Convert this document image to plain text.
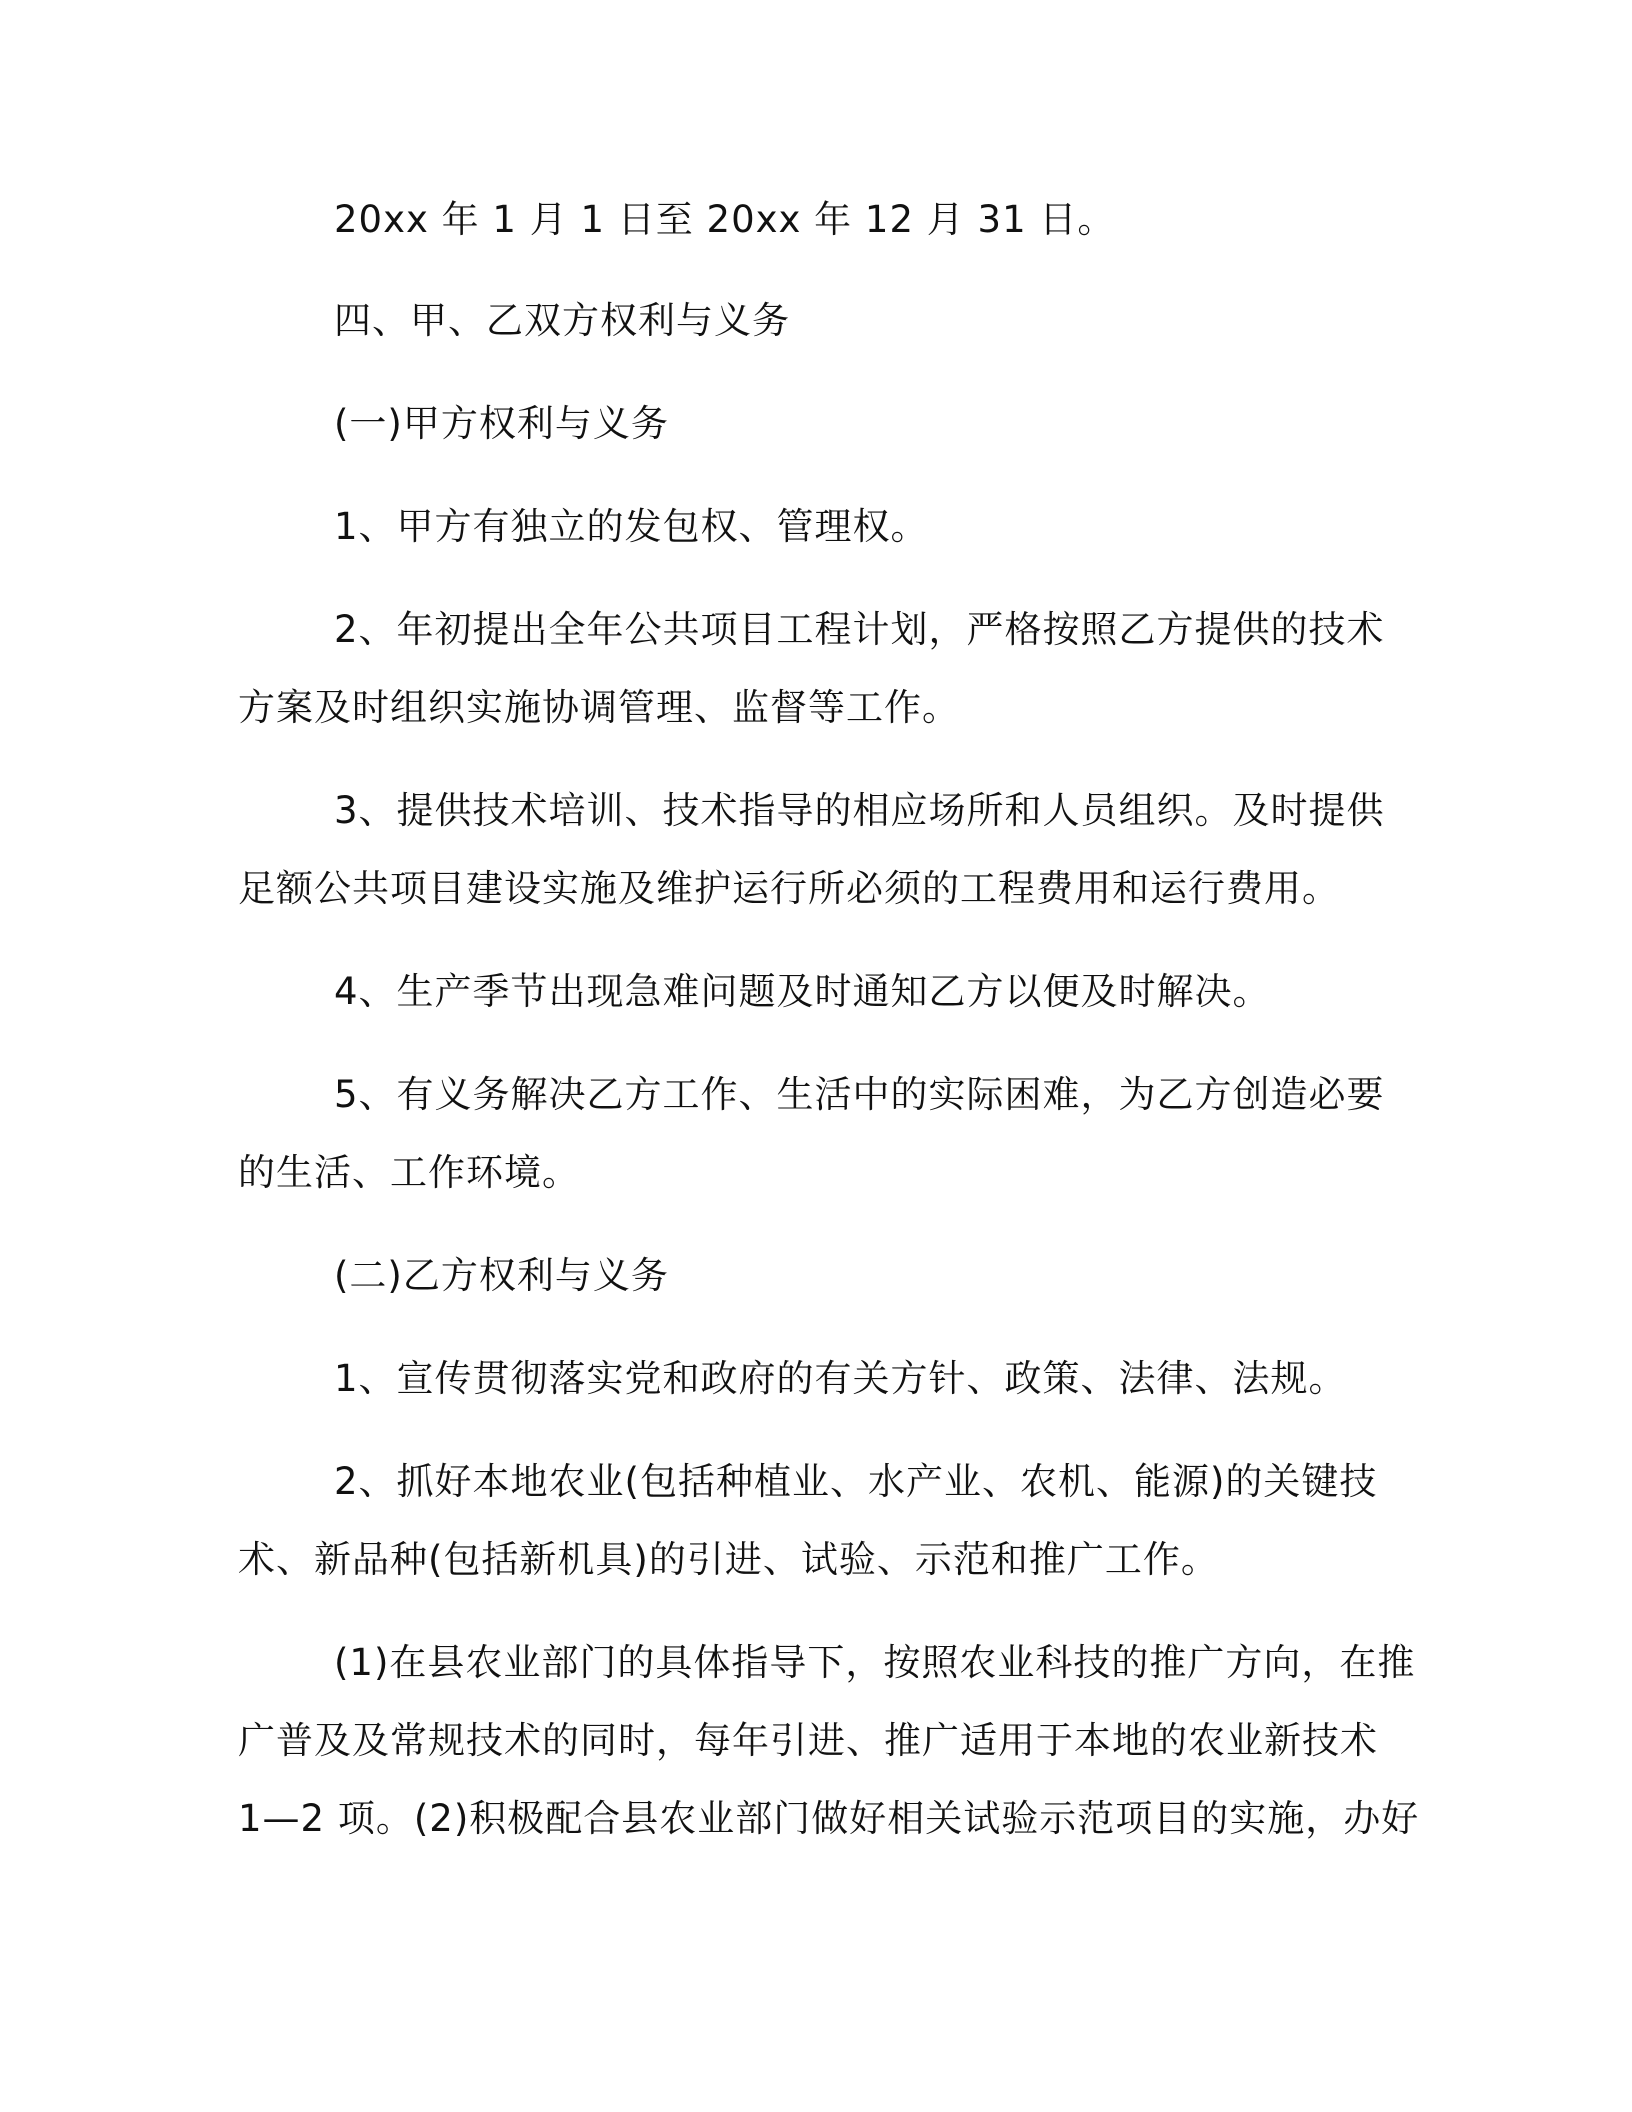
20xx 年 1 月 1 日至 20xx 年 12 月 31 日。
四、甲、乙双方权利与义务
(一)甲方权利与义务
1、甲方有独立的发包权、管理权。
2、年初提出全年公共项目工程计划，严格按照乙方提供的技术
方案及时组织实施协调管理、监督等工作。
3、提供技术培训、技术指导的相应场所和人员组织。及时提供
足额公共项目建设实施及维护运行所必须的工程费用和运行费用。
4、生产季节出现急难问题及时通知乙方以便及时解决。
5、有义务解决乙方工作、生活中的实际困难，为乙方创造必要
的生活、工作环境。
(二)乙方权利与义务
1、宣传贯彻落实党和政府的有关方针、政策、法律、法规。
2、抓好本地农业(包括种植业、水产业、农机、能源)的关键技
术、新品种(包括新机具)的引进、试验、示范和推广工作。
(1)在县农业部门的具体指导下，按照农业科技的推广方向，在推
广普及及常规技术的同时，每年引进、推广适用于本地的农业新技术
1—2 项。(2)积极配合县农业部门做好相关试验示范项目的实施，办好
